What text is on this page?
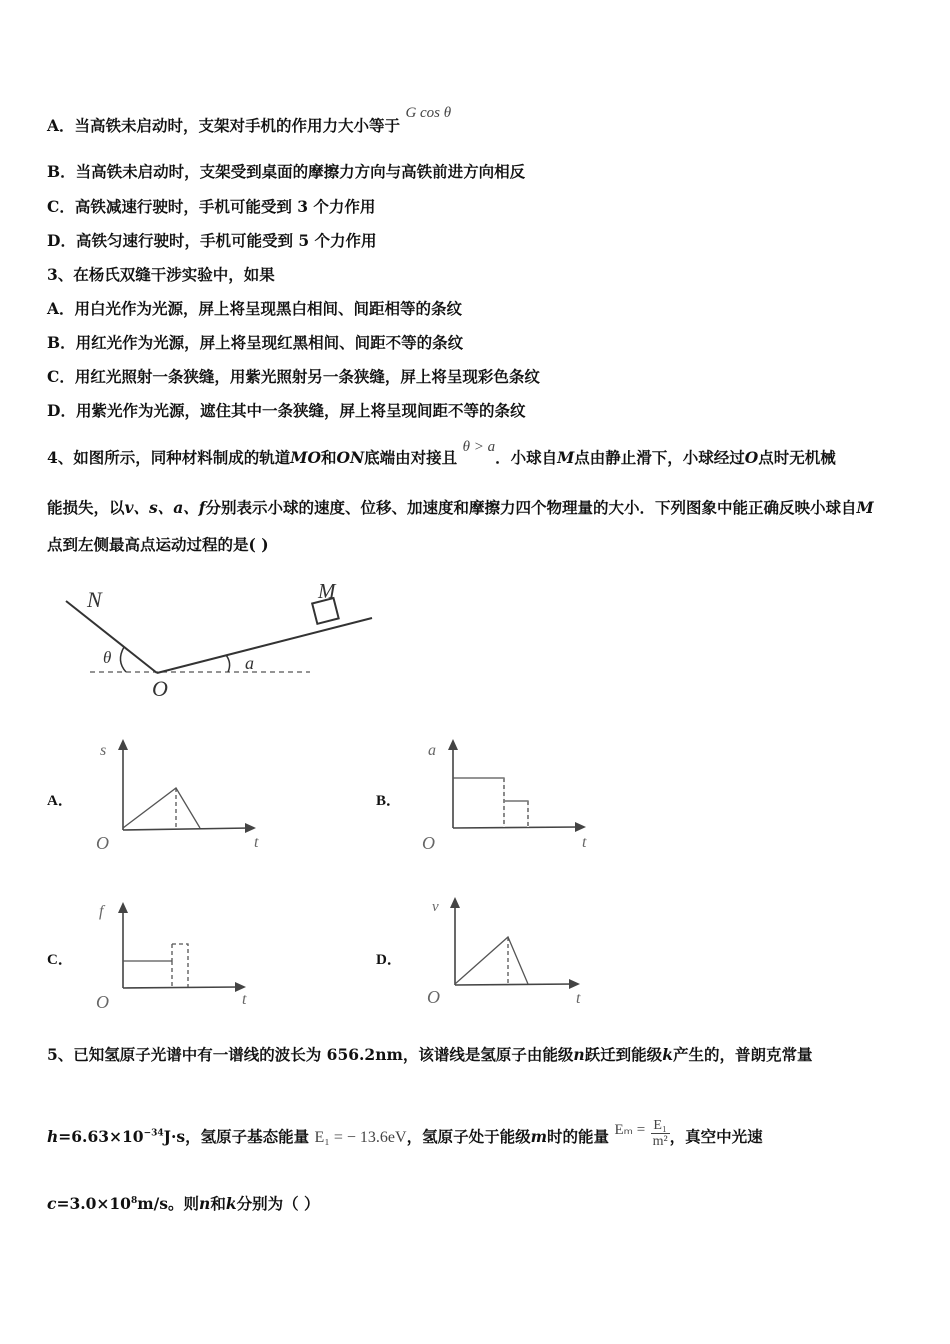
A．当高铁未启动时，支架对手机的作用力大小等于 G cos θ
B．当高铁未启动时，支架受到桌面的摩擦力方向与高铁前进方向相反
C．高铁减速行驶时，手机可能受到 3 个力作用
D．高铁匀速行驶时，手机可能受到 5 个力作用
3、在杨氏双缝干涉实验中，如果
A．用白光作为光源，屏上将呈现黑白相间、间距相等的条纹
B．用红光作为光源，屏上将呈现红黑相间、间距不等的条纹
C．用红光照射一条狭缝，用紫光照射另一条狭缝，屏上将呈现彩色条纹
D．用紫光作为光源，遮住其中一条狭缝，屏上将呈现间距不等的条纹
4、如图所示，同种材料制成的轨道MO和ON底端由对接且 θ > a．小球自M点由静止滑下，小球经过O点时无机械
能损失，以v、s、a、f分别表示小球的速度、位移、加速度和摩擦力四个物理量的大小．下列图象中能正确反映小球自M
点到左侧最高点运动过程的是( )
N	M
O
θ	a
A．
s
t
O
B．
a
t
O
C．
f
t
O
D．
v
t
O
5、已知氢原子光谱中有一谱线的波长为 656.2nm，该谱线是氢原子由能级n跃迁到能级k产生的，普朗克常量
$h=6.63\times 10^{-34}J\cdot s$，氢原子基态能量 E₁ = − 13.6eV，氢原子处于能级m时的能量 $E_m = \frac{\text{E₁}}{\text{m²}}$ ，真空中光速
$c=3.0\times 10^8m/s$。则n和k分别为（ ）
